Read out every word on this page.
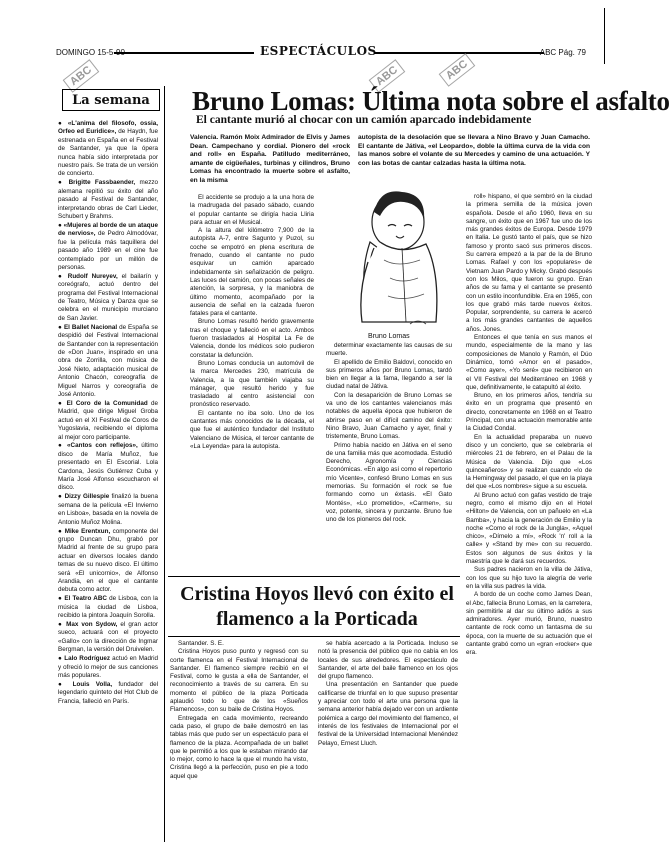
DOMINGO 15-5-90	ESPECTÁCULOS	ABC Pág. 79
ABC	ABC	ABC
La semana

● «L'anima del filosofo, ossia, Orfeo ed Euridice», de Haydn, fue estrenada en España en el Festival de Santander, ya que la ópera nunca había sido interpretada por nuestro país. Se trata de un versión de concierto.

● Brigitte Fassbaender, mezzo alemana repitió su éxito del año pasado al Festival de Santander, interpretando obras de Carl Lieder, Schubert y Brahms.

● «Mujeres al borde de un ataque de nervios», de Pedro Almodóvar, fue la película más taquillera del pasado año 1989 en el cine fue contemplado por un millón de personas.

● Rudolf Nureyev, el bailarín y coreógrafo, actuó dentro del programa del Festival Internacional de Teatro, Música y Danza que se celebra en el municipio murciano de San Javier.

● El Ballet Nacional de España se despidió del Festival Internacional de Santander con la representación de «Don Juan», inspirado en una obra de Zorrilla, con música de José Nieto, adaptación musical de Antonio Chacón, coreografía de Miguel Narros y coreografía de José Antonio.

● El Coro de la Comunidad de Madrid, que dirige Miguel Groba actuó en el XI Festival de Coros de Yugoslavia, recibiendo el diploma al mejor coro participante.

● «Cantos con reflejos», último disco de María Muñoz, fue presentado en El Escorial. Lola Cardona, Jesús Gutiérrez Cuba y María José Alfonso escucharon el disco.

● Dizzy Gillespie finalizó la buena semana de la película «El Invierno en Lisboa», basada en la novela de Antonio Muñoz Molina.

● Mike Erentxun, componente del grupo Duncan Dhu, grabó por Madrid al frente de su grupo para actuar en diversos locales dando temas de su nuevo disco. El último será «El unicornio», de Alfonso Arandia, en el que el cantante debuta como actor.

● El Teatro ABC de Lisboa, con la música la ciudad de Lisboa, recibido la pintora Joaquín Sorolla.

● Max von Sydow, el gran actor sueco, actuará con el proyecto «Gallo» con la dirección de Ingmar Bergman, la versión del Druivelen.

● Lalo Rodríguez actuó en Madrid y ofreció lo mejor de sus canciones más populares.

● Louis Volla, fundador del legendario quinteto del Hot Club de Francia, falleció en París.

Bruno Lomas: Última nota sobre el asfalto
El cantante murió al chocar con un camión aparcado indebidamente
Valencia. Ramón Moix Admirador de Elvis y James Dean. Campechano y cordial. Pionero del «rock and roll» en España. Patilludo mediterráneo, amante de cigüeñales, turbinas y cilindros, Bruno Lomas ha encontrado la muerte sobre el asfalto, en la misma
autopista de la desolación que se llevara a Nino Bravo y Juan Camacho. El cantante de Játiva, «el Leopardo», doble la última curva de la vida con las manos sobre el volante de su Mercedes y camino de una actuación. Y con las botas de cantar calzadas hasta la última nota.

El accidente se produjo a la una hora de la madrugada del pasado sábado, cuando el popular cantante se dirigía hacia Lliria para actuar en el Musical.

A la altura del kilómetro 7,900 de la autopista A-7, entre Sagunto y Puzol, su coche se empotró en plena escritura de frenado, cuando el cantante no pudo esquivar un camión aparcado indebidamente sin señalización de peligro. Las luces del camión, con pocas señales de atención, la sorpresa, y la maniobra de último momento, acompañado por la ausencia de señal en la calzada fueron fatales para el cantante.

Bruno Lomas resultó herido gravemente tras el choque y falleció en el acto. Ambos fueron trasladados al Hospital La Fe de Valencia, donde los médicos solo pudieron constatar la defunción.

Bruno Lomas conducía un automóvil de la marca Mercedes 230, matrícula de Valencia, a la que también viajaba su mánager, que resultó herido y fue trasladado al centro asistencial con pronóstico reservado.

El cantante no iba solo. Uno de los cantantes más conocidos de la década, el que fue el auténtico fundador del Instituto Valenciano de Música, el tercer cantante de «La Leyenda» para la autopista.

Bruno Lomas

determinar exactamente las causas de su muerte.

El apellido de Emilio Baldoví, conocido en sus primeros años por Bruno Lomas, tardó bien en llegar a la fama, llegando a ser la ciudad natal de Játiva.

Con la desaparición de Bruno Lomas se va uno de los cantantes valencianos más notables de aquella época que hubieron de abrirse paso en el difícil camino del éxito: Nino Bravo, Juan Camacho y ayer, final y tristemente, Bruno Lomas.

Primo había nacido en Játiva en el seno de una familia más que acomodada. Estudió Derecho, Agronomía y Ciencias Económicas. «En algo así como el repertorio mío Vicente», confesó Bruno Lomas en sus memorias. Su formación el rock se fue formando como un éxtasis. «El Gato Montés», «Lo prometido», «Carmen», su voz, potente, sincera y punzante. Bruno fue uno de los pioneros del rock.

roll» hispano, el que sembró en la ciudad la primera semilla de la música joven española. Desde el año 1960, lleva en su sangre, un éxito que en 1967 fue uno de los más grandes éxitos de Europa. Desde 1979 en Italia. Le gustó tanto el país, que se hizo famoso y pronto sacó sus primeros discos. Su carrera empezó a la par de la de Bruno Lomas. Rafael y con los «populares» de Vietnam Juan Pardo y Micky. Grabó después con los Milos, que fueron su grupo. Eran años de su fama y el cantante se presentó con un estilo inconfundible. Era en 1965, con los que grabó más tarde nuevos éxitos. Popular, sorprendente, su carrera le acercó a los más grandes cantantes de aquellos años. Jones.

Entonces el que tenía en sus manos el mundo, especialmente de la mano y las composiciones de Manolo y Ramón, el Dúo Dinámico, tomó «Amor en el pasado», «Como ayer», «Yo seré» que recibieron en el VII Festival del Mediterráneo en 1968 y que, definitivamente, le catapultó al éxito.

Bruno, en los primeros años, tendría su éxito en un programa que presentó en directo, concretamente en 1968 en el Teatro Principal, con una actuación memorable ante la Ciudad Condal.

En la actualidad preparaba un nuevo disco y un concierto, que se celebraría el miércoles 21 de febrero, en el Palau de la Música de Valencia. Dijo que «Los quinceañeros» y se realizan cuando «lo de la Hemingway del pasado, el que en la playa del que «Los nombres» sigue a su escuela.

Al Bruno actuó con gafas vestido de traje negro, como el mismo dijo en el Hotel «Hilton» de Valencia, con un pañuelo en «La Bamba», y hacia la generación de Emilio y la noche «Como el rock de la Jungla», «Aquel chico», «Dímelo a mí», «Rock 'n' roll a la calle» y «Stand by me» con su recuerdo. Estos son algunos de sus éxitos y la maestría que le dará sus recuerdos.

Sus padres nacieron en la villa de Játiva, con los que su hijo tuvo la alegría de verle en la villa sus padres la vida.

A bordo de un coche como James Dean, el Abc, fallecía Bruno Lomas, en la carretera, sin permitirle al dar su último adiós a sus admiradores. Ayer murió, Bruno, nuestro cantante de rock como un fantasma de su época, con la muerte de su actuación que el cantante grabó como un «gran «rocker» que era.

Cristina Hoyos llevó con éxito el flamenco a la Porticada

Santander. S. E.

Cristina Hoyos puso punto y regresó con su corte flamenca en el Festival Internacional de Santander. El flamenco siempre recibió en el Festival, como le gusta a ella de Santander, el reconocimiento a través de su carrera. En su momento el público de la plaza Porticada aplaudió todo lo que de los «Sueños Flamencos», con su baile de Cristina Hoyos.

Entregada en cada movimiento, recreando cada paso, el grupo de baile demostró en las tablas más que pudo ser un espectáculo para el flamenco de la plaza. Acompañada de un ballet que le permitió a los que le estaban mirando dar lo mejor, como lo hace la que el mundo ha visto, Cristina llegó a la perfección, puso en pie a todo aquel que

se había acercado a la Porticada. Incluso se notó la presencia del público que no cabía en los locales de sus alrededores. El espectáculo de Santander, el arte del baile flamenco en los ojos del grupo flamenco.

Una presentación en Santander que puede calificarse de triunfal en lo que supuso presentar y apreciar con todo el arte una persona que la semana anterior había dejado ver con un ardiente polémica a cargo del movimiento del flamenco, el interés de los festivales de Internacional por el festival de la Universidad Internacional Menéndez Pelayo, Ernest Lluch.
